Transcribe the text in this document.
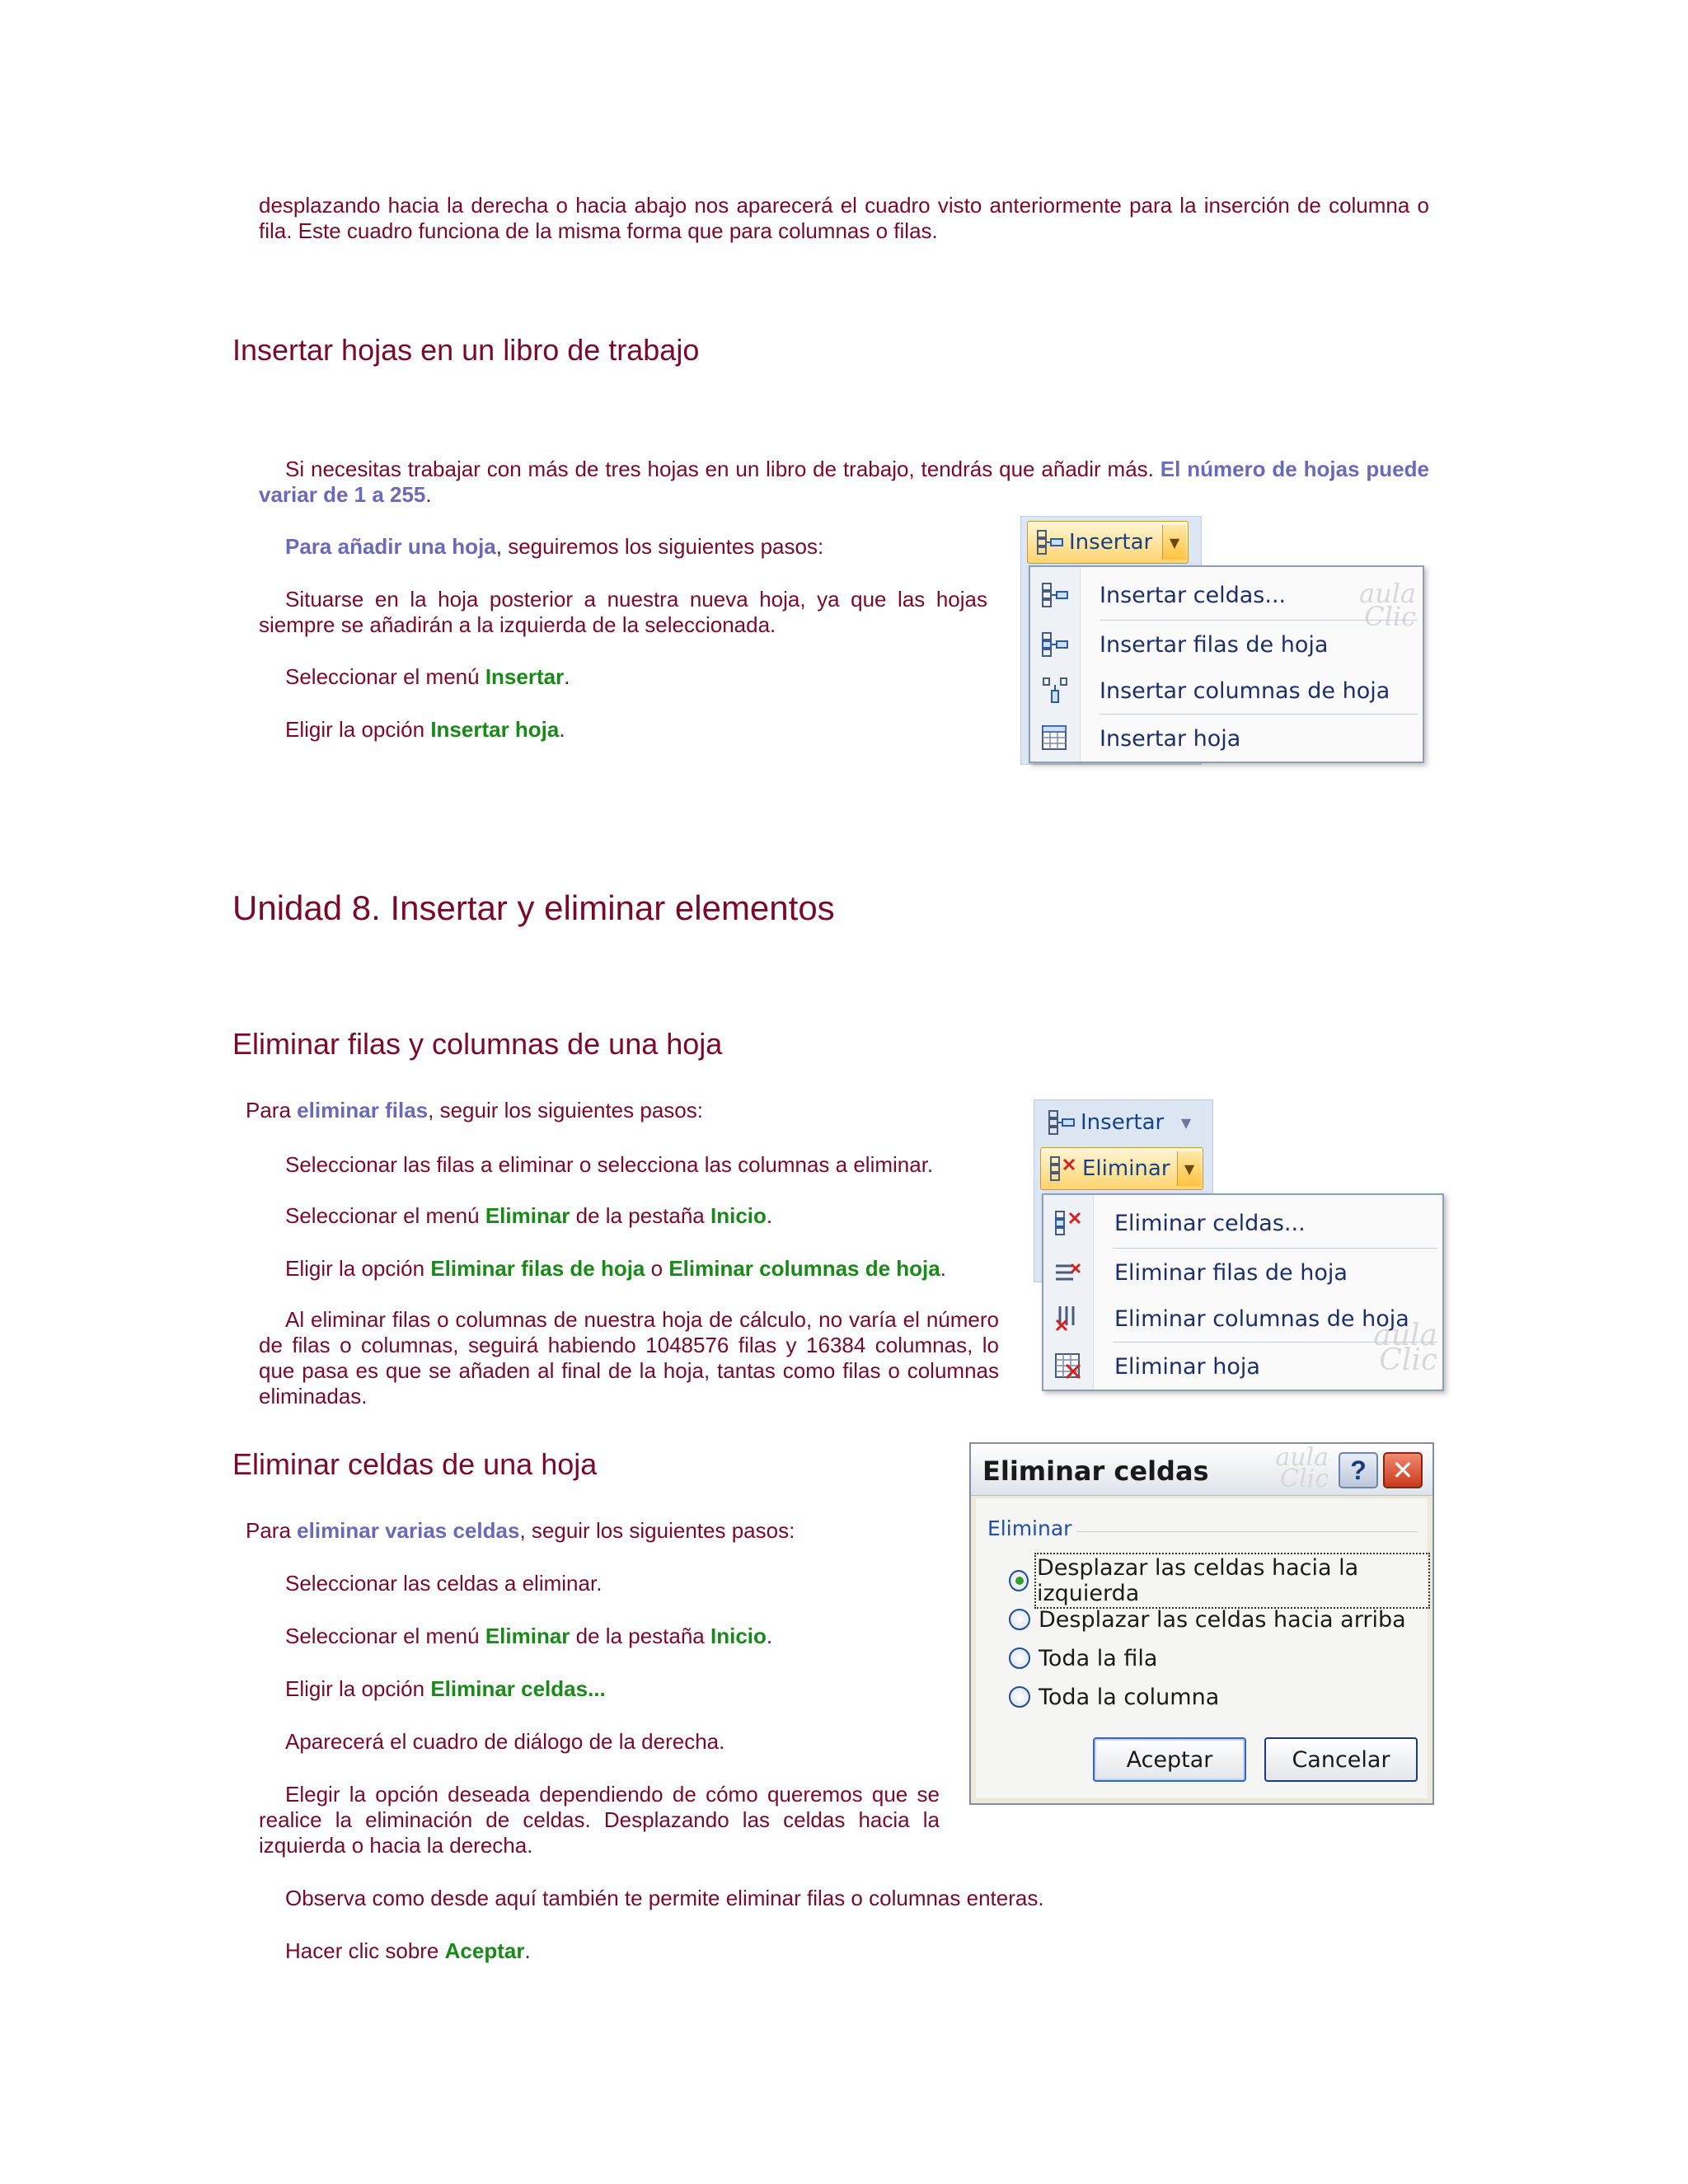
desplazando hacia la derecha o hacia abajo nos aparecerá el cuadro visto anteriormente para la inserción de columna o fila. Este cuadro funciona de la misma forma que para columnas o filas.

Insertar hojas en un libro de trabajo

Si necesitas trabajar con más de tres hojas en un libro de trabajo, tendrás que añadir más. El número de hojas puede variar de 1 a 255.

Para añadir una hoja, seguiremos los siguientes pasos:

Situarse en la hoja posterior a nuestra nueva hoja, ya que las hojas siempre se añadirán a la izquierda de la seleccionada.

Seleccionar el menú Insertar.

Eligir la opción Insertar hoja.

Insertar	▼
aula Clic
Insertar celdas...
Insertar filas de hoja
Insertar columnas de hoja
Insertar hoja
Unidad 8. Insertar y eliminar elementos
Eliminar filas y columnas de una hoja

Para eliminar filas, seguir los siguientes pasos:

Seleccionar las filas a eliminar o selecciona las columnas a eliminar.

Seleccionar el menú Eliminar de la pestaña Inicio.

Eligir la opción Eliminar filas de hoja o Eliminar columnas de hoja.

Al eliminar filas o columnas de nuestra hoja de cálculo, no varía el número de filas o columnas, seguirá habiendo 1048576 filas y 16384 columnas, lo que pasa es que se añaden al final de la hoja, tantas como filas o columnas eliminadas.

Insertar	▼
Eliminar	▼
aula Clic
Eliminar celdas...
Eliminar filas de hoja
Eliminar columnas de hoja
Eliminar hoja
Eliminar celdas de una hoja

Para eliminar varias celdas, seguir los siguientes pasos:

Seleccionar las celdas a eliminar.

Seleccionar el menú Eliminar de la pestaña Inicio.

Eligir la opción Eliminar celdas...

Aparecerá el cuadro de diálogo de la derecha.

Elegir la opción deseada dependiendo de cómo queremos que se realice la eliminación de celdas. Desplazando las celdas hacia la izquierda o hacia la derecha.

Observa como desde aquí también te permite eliminar filas o columnas enteras.

Hacer clic sobre Aceptar.

Eliminar celdas	aula Clic ? ✕
Eliminar
Desplazar las celdas hacia la izquierda
Desplazar las celdas hacia arriba
Toda la fila
Toda la columna
Aceptar	Cancelar
